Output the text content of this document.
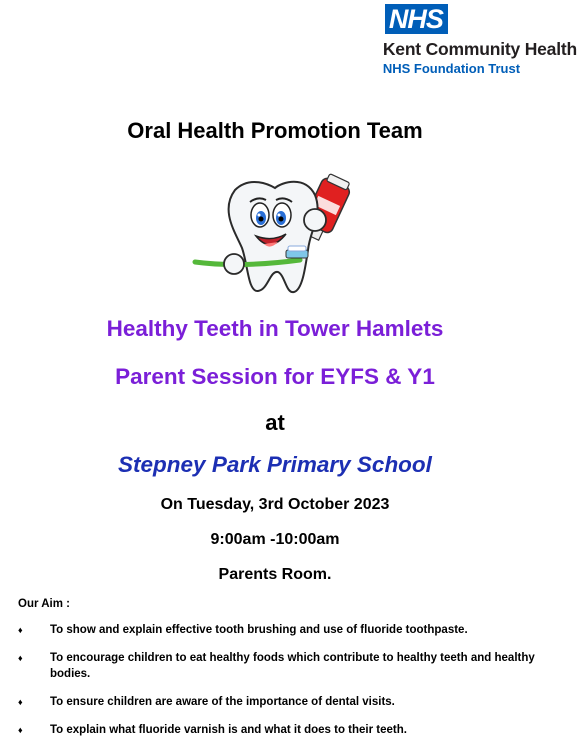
NHS
Kent Community Health
NHS Foundation Trust
Oral Health Promotion Team
Healthy Teeth in Tower Hamlets
Parent Session for EYFS & Y1
at
Stepney Park Primary School
On Tuesday, 3rd October 2023
9:00am -10:00am
Parents Room.
Our Aim :
♦ To show and explain effective tooth brushing and use of fluoride toothpaste.
♦ To encourage children to eat healthy foods which contribute to healthy teeth and healthy bodies.
♦ To ensure children are aware of the importance of dental visits.
♦ To explain what fluoride varnish is and what it does to their teeth.
